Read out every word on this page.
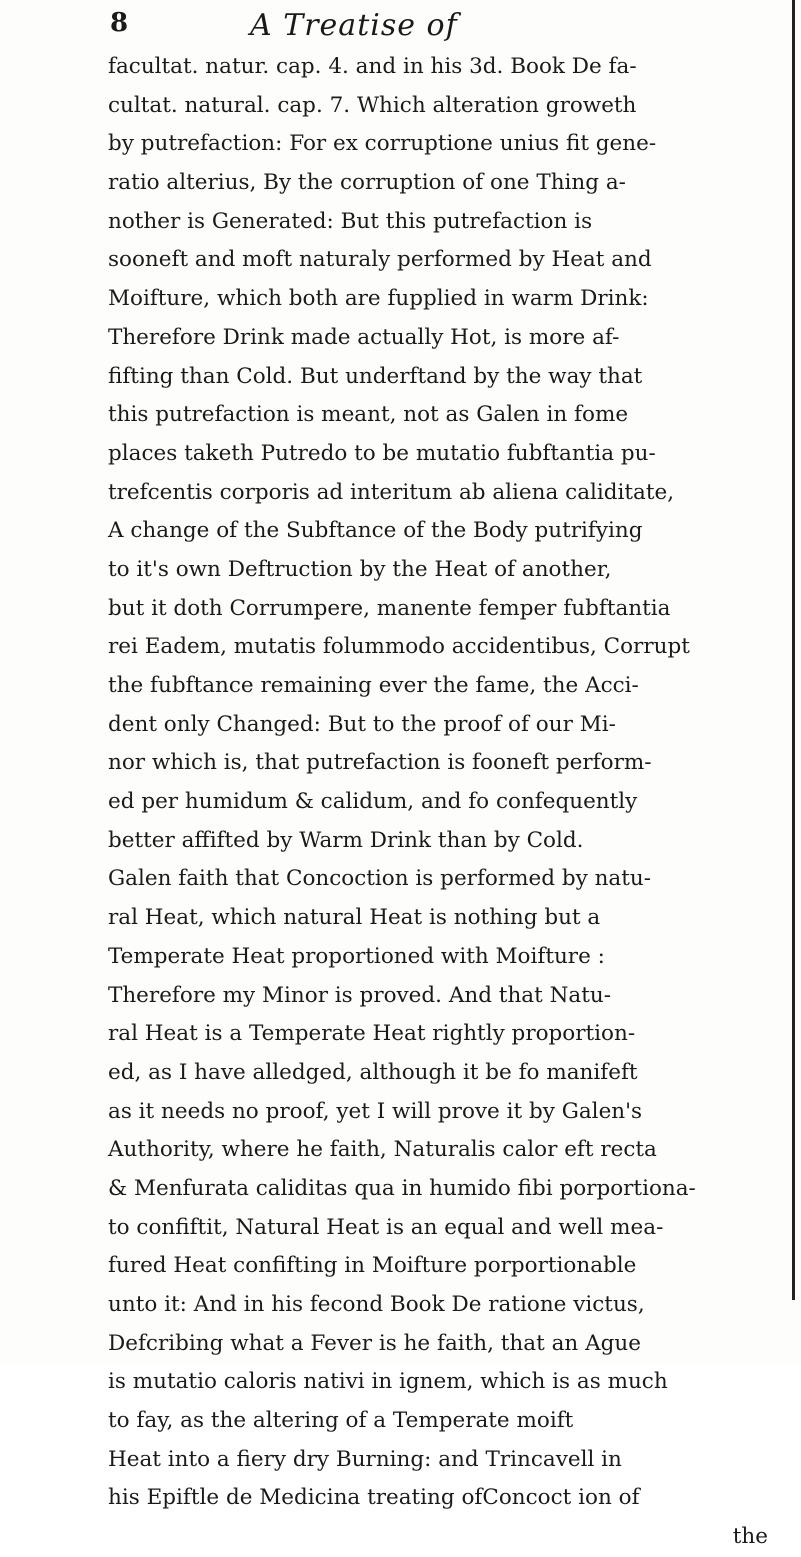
8	A Treatise of
facultat. natur. cap. 4. and in his 3d. Book De fa-
cultat. natural. cap. 7. Which alteration groweth
by putrefaction: For ex corruptione unius fit gene-
ratio alterius, By the corruption of one Thing a-
nother is Generated: But this putrefaction is
sooneft and moft naturaly performed by Heat and
Moifture, which both are fupplied in warm Drink:
Therefore Drink made actually Hot, is more af-
fifting than Cold. But underftand by the way that
this putrefaction is meant, not as Galen in fome
places taketh Putredo to be mutatio fubftantia pu-
trefcentis corporis ad interitum ab aliena caliditate,
A change of the Subftance of the Body putrifying
to it's own Deftruction by the Heat of another,
but it doth Corrumpere, manente femper fubftantia
rei Eadem, mutatis folummodo accidentibus, Corrupt
the fubftance remaining ever the fame, the Acci-
dent only Changed: But to the proof of our Mi-
nor which is, that putrefaction is fooneft perform-
ed per humidum & calidum, and fo confequently
better affifted by Warm Drink than by Cold.
Galen faith that Concoction is performed by natu-
ral Heat, which natural Heat is nothing but a
Temperate Heat proportioned with Moifture :
Therefore my Minor is proved. And that Natu-
ral Heat is a Temperate Heat rightly proportion-
ed, as I have alledged, although it be fo manifeft
as it needs no proof, yet I will prove it by Galen's
Authority, where he faith, Naturalis calor eft recta
& Menfurata caliditas qua in humido fibi porportiona-
to confiftit, Natural Heat is an equal and well mea-
fured Heat confifting in Moifture porportionable
unto it: And in his fecond Book De ratione victus,
Defcribing what a Fever is he faith, that an Ague
is mutatio caloris nativi in ignem, which is as much
to fay, as the altering of a Temperate moift
Heat into a fiery dry Burning: and Trincavell in
his Epiftle de Medicina treating ofConcoct ion of
the
